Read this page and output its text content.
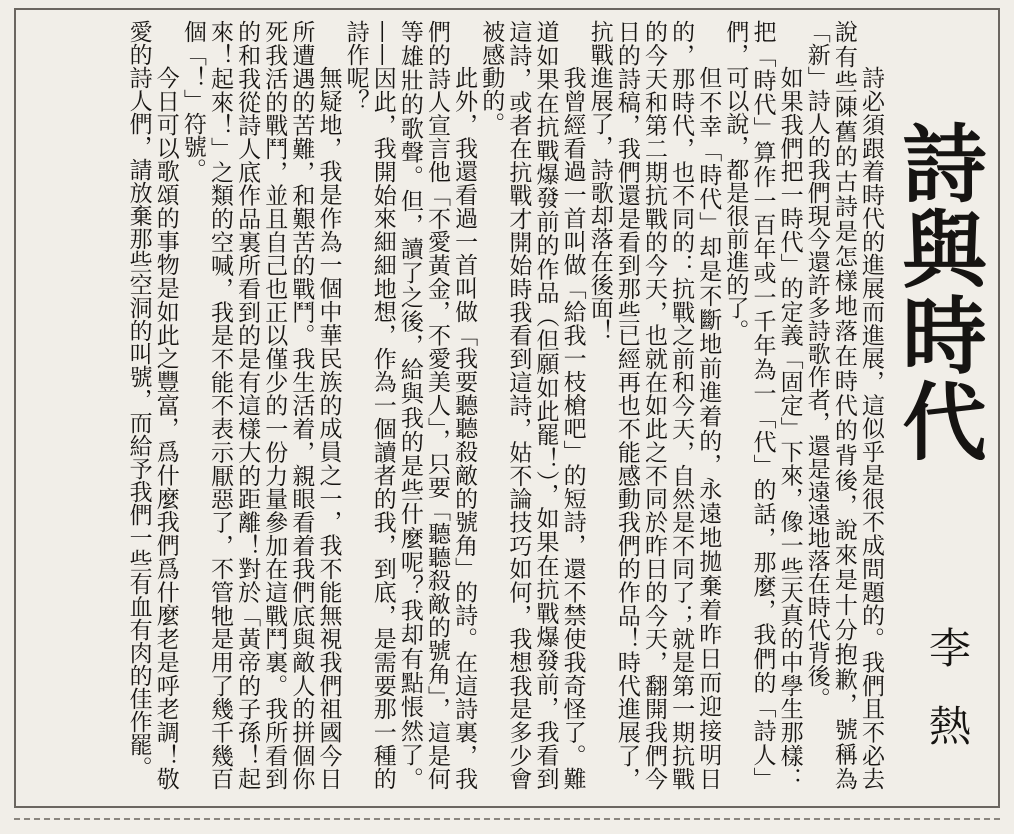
詩與時代
李熱

詩必須跟着時代的進展而進展，這似乎是很不成問題的。我們且不必去說有些陳舊的古詩是怎樣地落在時代的背後，說來是十分抱歉，號稱為「新」詩人的我們現今還許多詩歌作者，還是遠遠地落在時代背後。

如果我們把一時代」的定義「固定」下來，像一些天真的中學生那樣：把「時代」算作一百年或一千年為一「代」的話，那麼，我們的「詩人」們，可以說，都是很前進的了。

但不幸「時代」却是不斷地前進着的，永遠地拋棄着昨日而迎接明日的，那時代，也不同的：抗戰之前和今天，自然是不同了；就是第一期抗戰的今天和第二期抗戰的今天，也就在如此之不同於昨日的今天，翻開我們今日的詩稿，我們還是看到那些已經再也不能感動我們的作品！時代進展了，抗戰進展了，詩歌却落在後面！

我曾經看過一首叫做「給我一枝槍吧」的短詩，還不禁使我奇怪了。難道如果在抗戰爆發前的作品（但願如此罷！），如果在抗戰爆發前，我看到這詩，或者在抗戰才開始時我看到這詩，姑不論技巧如何，我想我是多少會被感動的。

此外，我還看過一首叫做「我要聽聽殺敵的號角」的詩。在這詩裏，我們的詩人宣言他「不愛黃金，不愛美人」，只要「聽聽殺敵的號角」，這是何等雄壯的歌聲。但，讀了之後，給與我的是些什麼呢？我却有點悵然了。——因此，我開始來細細地想，作為一個讀者的我，到底，是需要那一種的詩作呢？

無疑地，我是作為一個中華民族的成員之一，我不能無視我們祖國今日所遭遇的苦難，和艱苦的戰鬥。我生活着，親眼看着我們底與敵人的拼個你死我活的戰鬥，並且自己也正以僅少的一份力量參加在這戰鬥裏。我所看到的和我從詩人底作品裏所看到的是有這樣大的距離！對於「黃帝的子孫！起來！起來！」之類的空喊，我是不能不表示厭惡了，不管牠是用了幾千幾百個「！」符號。

今日可以歌頌的事物是如此之豐富，爲什麼我們爲什麼老是呼老調！敬愛的詩人們，請放棄那些空洞的叫號，而給予我們一些有血有肉的佳作罷。
